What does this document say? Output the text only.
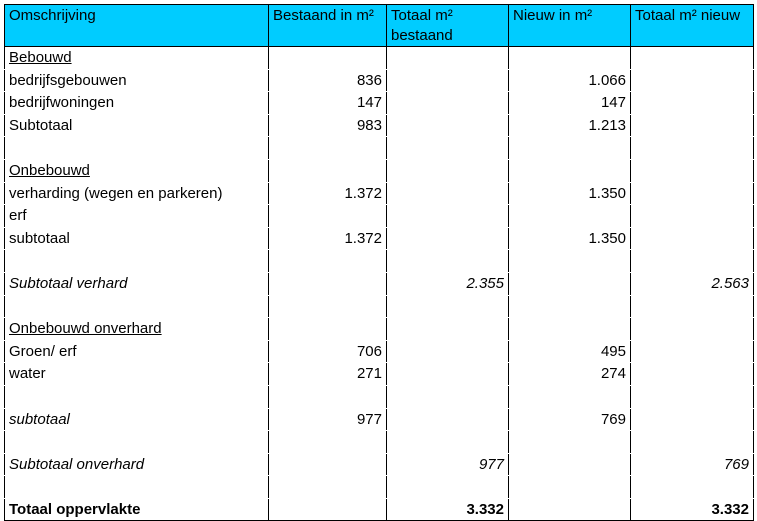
Omschrijving	Bestaand in m²	Totaal m² bestaand	Nieuw in m²	Totaal m² nieuw
Bebouwd				
bedrijfsgebouwen	836		1.066	
bedrijfwoningen	147		147	
Subtotaal	983		1.213	

Onbebouwd				
verharding (wegen en parkeren)	1.372		1.350	
erf				
subtotaal	1.372		1.350	

Subtotaal verhard		2.355		2.563

Onbebouwd onverhard				
Groen/ erf	706		495	
water	271		274	

subtotaal	977		769	

Subtotaal onverhard		977		769

Totaal oppervlakte		3.332		3.332
